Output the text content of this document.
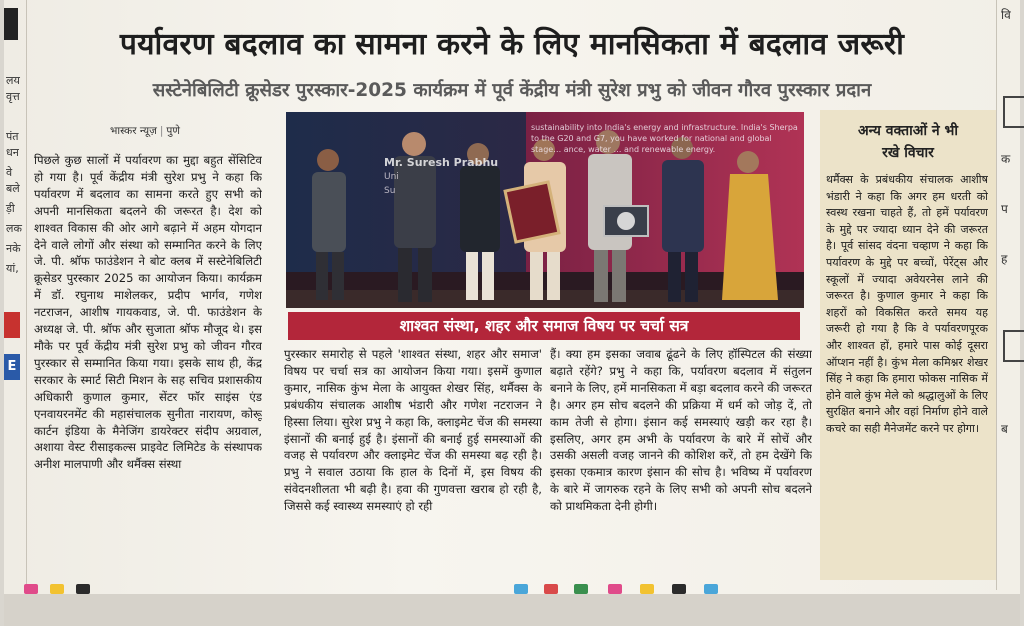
लय
वृत्त
पंत
धन
वे
बले
ड़ी
लक
नके
यां,
E
वि
क
प
ह
ब
पर्यावरण बदलाव का सामना करने के लिए मानसिकता में बदलाव जरूरी
सस्टेनेबिलिटी क्रूसेडर पुरस्कार-2025 कार्यक्रम में पूर्व केंद्रीय मंत्री सुरेश प्रभु को जीवन गौरव पुरस्कार प्रदान
भास्कर न्यूज़ | पुणे
पिछले कुछ सालों में पर्यावरण का मुद्दा बहुत सेंसिटिव हो गया है। पूर्व केंद्रीय मंत्री सुरेश प्रभु ने कहा कि पर्यावरण में बदलाव का सामना करते हुए सभी को अपनी मानसिकता बदलने की जरूरत है। देश को शाश्वत विकास की ओर आगे बढ़ाने में अहम योगदान देने वाले लोगों और संस्था को सम्मानित करने के लिए जे. पी. श्रॉफ फाउंडेशन ने बोट क्लब में सस्टेनेबिलिटी क्रूसेडर पुरस्कार 2025 का आयोजन किया। कार्यक्रम में डॉ. रघुनाथ माशेलकर, प्रदीप भार्गव, गणेश नटराजन, आशीष गायकवाड, जे. पी. फाउंडेशन के अध्यक्ष जे. पी. श्रॉफ और सुजाता श्रॉफ मौजूद थे। इस मौके पर पूर्व केंद्रीय मंत्री सुरेश प्रभु को जीवन गौरव पुरस्कार से सम्मानित किया गया। इसके साथ ही, केंद्र सरकार के स्मार्ट सिटी मिशन के सह सचिव प्रशासकीय अधिकारी कुणाल कुमार, सेंटर फॉर साइंस एंड एनवायरनमेंट की महासंचालक सुनीता नारायण, कोरूू कार्टन इंडिया के मैनेजिंग डायरेक्टर संदीप अग्रवाल, अशाया वेस्ट रीसाइकल्स प्राइवेट लिमिटेड के संस्थापक अनीश मालपाणी और थर्मैक्स संस्था
sustainability into India's energy and infrastructure. India's Sherpa to the G20 and G7, you have worked for national and global stage… ance, water … and renewable energy.
Mr. Suresh Prabhu
Uni
Su
शाश्वत संस्था, शहर और समाज विषय पर चर्चा सत्र
पुरस्कार समारोह से पहले 'शाश्वत संस्था, शहर और समाज' विषय पर चर्चा सत्र का आयोजन किया गया। इसमें कुणाल कुमार, नासिक कुंभ मेला के आयुक्त शेखर सिंह, थर्मैक्स के प्रबंधकीय संचालक आशीष भंडारी और गणेश नटराजन ने हिस्सा लिया। सुरेश प्रभु ने कहा कि, क्लाइमेट चेंज की समस्या इंसानों की बनाई हुई है। इंसानों की बनाई हुई समस्याओं की वजह से पर्यावरण और क्लाइमेट चेंज की समस्या बढ़ रही है। प्रभु ने सवाल उठाया कि हाल के दिनों में, इस विषय की संवेदनशीलता भी बढ़ी है। हवा की गुणवत्ता खराब हो रही है, जिससे कई स्वास्थ्य समस्याएं हो रही
हैं। क्या हम इसका जवाब ढूंढने के लिए हॉस्पिटल की संख्या बढ़ाते रहेंगे? प्रभु ने कहा कि, पर्यावरण बदलाव में संतुलन बनाने के लिए, हमें मानसिकता में बड़ा बदलाव करने की जरूरत है। अगर हम सोच बदलने की प्रक्रिया में धर्म को जोड़ दें, तो काम तेजी से होगा। इंसान कई समस्याएं खड़ी कर रहा है। इसलिए, अगर हम अभी के पर्यावरण के बारे में सोचें और उसकी असली वजह जानने की कोशिश करें, तो हम देखेंगे कि इसका एकमात्र कारण इंसान की सोच है। भविष्य में पर्यावरण के बारे में जागरुक रहने के लिए सभी को अपनी सोच बदलने को प्राथमिकता देनी होगी।
अन्य वक्ताओं ने भी
रखे विचार
थर्मैक्स के प्रबंधकीय संचालक आशीष भंडारी ने कहा कि अगर हम धरती को स्वस्थ रखना चाहते हैं, तो हमें पर्यावरण के मुद्दे पर ज्यादा ध्यान देने की जरूरत है। पूर्व सांसद वंदना चव्हाण ने कहा कि पर्यावरण के मुद्दे पर बच्चों, पेरेंट्स और स्कूलों में ज्यादा अवेयरनेस लाने की जरूरत है। कुणाल कुमार ने कहा कि शहरों को विकसित करते समय यह जरूरी हो गया है कि वे पर्यावरणपूरक और शाश्वत हों, हमारे पास कोई दूसरा ऑप्शन नहीं है। कुंभ मेला कमिश्नर शेखर सिंह ने कहा कि हमारा फोकस नासिक में होने वाले कुंभ मेले को श्रद्धालुओं के लिए सुरक्षित बनाने और वहां निर्माण होने वाले कचरे का सही मैनेजमेंट करने पर होगा।
